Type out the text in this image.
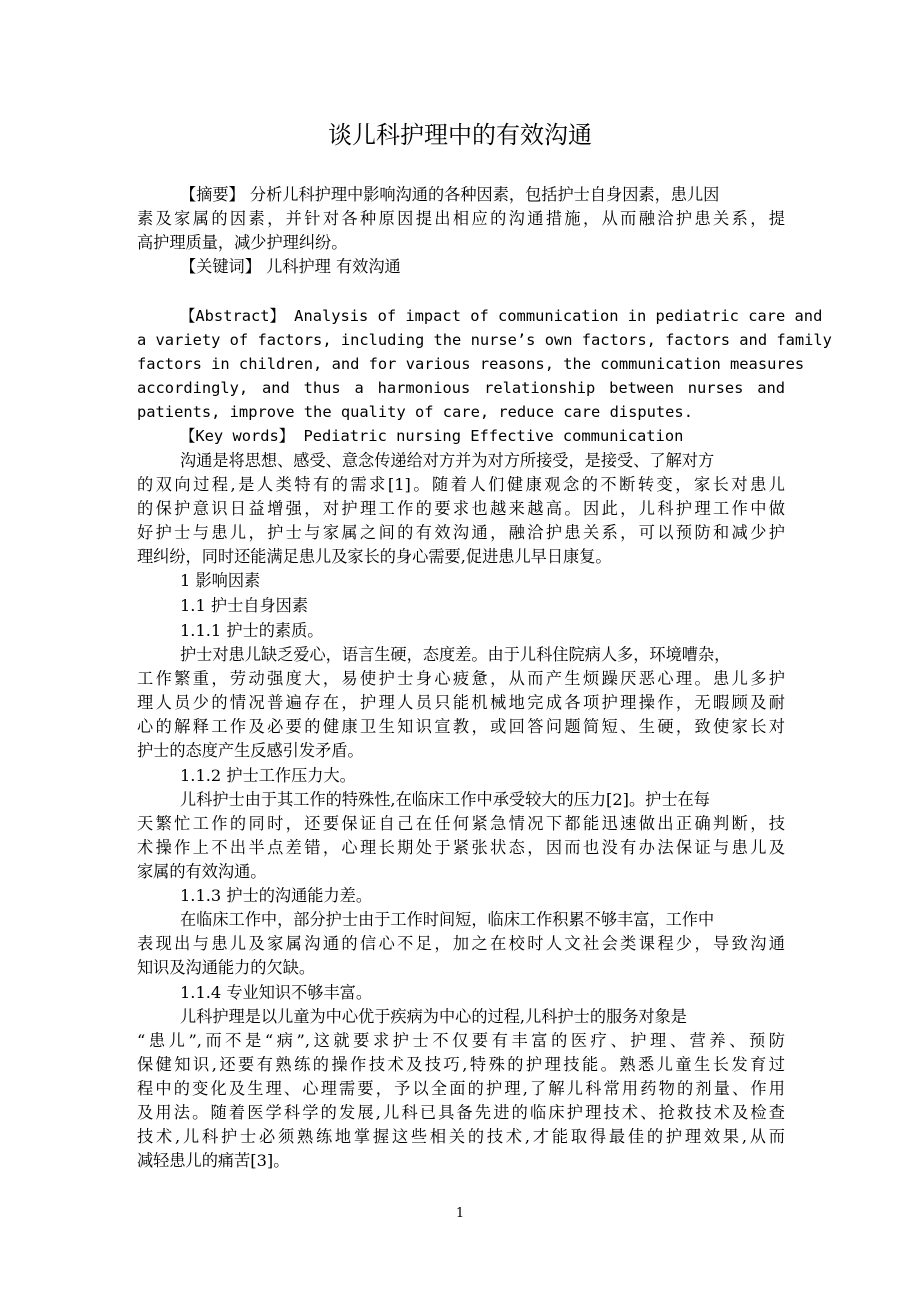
谈儿科护理中的有效沟通
【摘要】 分析儿科护理中影响沟通的各种因素，包括护士自身因素，患儿因
素及家属的因素，并针对各种原因提出相应的沟通措施，从而融洽护患关系，提
高护理质量，减少护理纠纷。
【关键词】 儿科护理 有效沟通
【Abstract】 Analysis of impact of communication in pediatric care and
a variety of factors, including the nurse’s own factors, factors and family
factors in children, and for various reasons, the communication measures
accordingly, and thus a harmonious relationship between nurses and
patients, improve the quality of care, reduce care disputes.
【Key words】 Pediatric nursing Effective communication
沟通是将思想、感受、意念传递给对方并为对方所接受，是接受、了解对方
的双向过程,是人类特有的需求[1]。随着人们健康观念的不断转变，家长对患儿
的保护意识日益增强，对护理工作的要求也越来越高。因此，儿科护理工作中做
好护士与患儿，护士与家属之间的有效沟通，融洽护患关系，可以预防和减少护
理纠纷，同时还能满足患儿及家长的身心需要,促进患儿早日康复。
1 影响因素
1.1 护士自身因素
1.1.1 护士的素质。
护士对患儿缺乏爱心，语言生硬，态度差。由于儿科住院病人多，环境嘈杂，
工作繁重，劳动强度大，易使护士身心疲惫，从而产生烦躁厌恶心理。患儿多护
理人员少的情况普遍存在，护理人员只能机械地完成各项护理操作，无暇顾及耐
心的解释工作及必要的健康卫生知识宣教，或回答问题简短、生硬，致使家长对
护士的态度产生反感引发矛盾。
1.1.2 护士工作压力大。
儿科护士由于其工作的特殊性,在临床工作中承受较大的压力[2]。护士在每
天繁忙工作的同时，还要保证自己在任何紧急情况下都能迅速做出正确判断，技
术操作上不出半点差错，心理长期处于紧张状态，因而也没有办法保证与患儿及
家属的有效沟通。
1.1.3 护士的沟通能力差。
在临床工作中，部分护士由于工作时间短，临床工作积累不够丰富，工作中
表现出与患儿及家属沟通的信心不足，加之在校时人文社会类课程少，导致沟通
知识及沟通能力的欠缺。
1.1.4 专业知识不够丰富。
儿科护理是以儿童为中心优于疾病为中心的过程,儿科护士的服务对象是
“患儿”,而不是“病”,这就要求护士不仅要有丰富的医疗、护理、营养、预防
保健知识,还要有熟练的操作技术及技巧,特殊的护理技能。熟悉儿童生长发育过
程中的变化及生理、心理需要，予以全面的护理,了解儿科常用药物的剂量、作用
及用法。随着医学科学的发展,儿科已具备先进的临床护理技术、抢救技术及检查
技术,儿科护士必须熟练地掌握这些相关的技术,才能取得最佳的护理效果,从而
减轻患儿的痛苦[3]。
1
